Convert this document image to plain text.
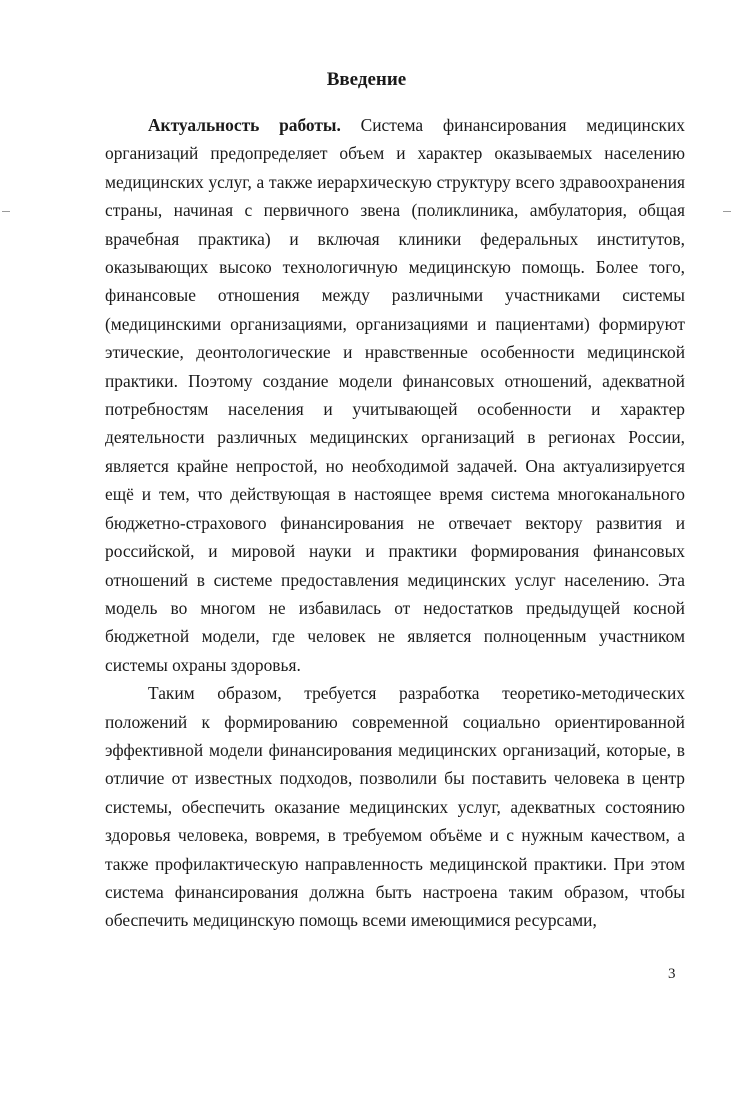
Введение

Актуальность работы. Система финансирования медицинских организаций предопределяет объем и характер оказываемых населению медицинских услуг, а также иерархическую структуру всего здравоохранения страны, начиная с первичного звена (поликлиника, амбулатория, общая врачебная практика) и включая клиники федеральных институтов, оказывающих высоко технологичную медицинскую помощь. Более того, финансовые отношения между различными участниками системы (медицинскими организациями, организациями и пациентами) формируют этические, деонтологические и нравственные особенности медицинской практики. Поэтому создание модели финансовых отношений, адекватной потребностям населения и учитывающей особенности и характер деятельности различных медицинских организаций в регионах России, является крайне непростой, но необходимой задачей. Она актуализируется ещё и тем, что действующая в настоящее время система многоканального бюджетно-страхового финансирования не отвечает вектору развития и российской, и мировой науки и практики формирования финансовых отношений в системе предоставления медицинских услуг населению. Эта модель во многом не избавилась от недостатков предыдущей косной бюджетной модели, где человек не является полноценным участником системы охраны здоровья.

Таким образом, требуется разработка теоретико-методических положений к формированию современной социально ориентированной эффективной модели финансирования медицинских организаций, которые, в отличие от известных подходов, позволили бы поставить человека в центр системы, обеспечить оказание медицинских услуг, адекватных состоянию здоровья человека, вовремя, в требуемом объёме и с нужным качеством, а также профилактическую направленность медицинской практики. При этом система финансирования должна быть настроена таким образом, чтобы обеспечить медицинскую помощь всеми имеющимися ресурсами,

3
